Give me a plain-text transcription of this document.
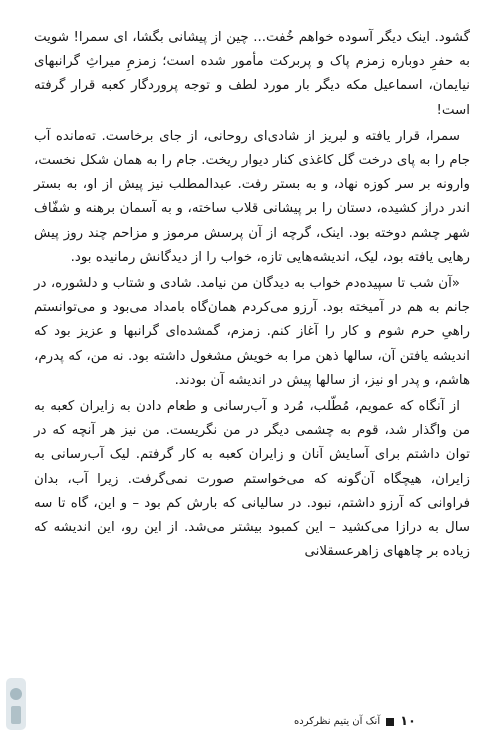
گشود. اینک دیگر آسوده خواهم خُفت... چین از پیشانی بگشا، ای سمرا! شویت به حفرِ دوباره زمزم پاک و پربرکت مأمور شده است؛ زمزمِ میراثِ گرانبهای نیایمان، اسماعیل مکه دیگر بار مورد لطف و توجه پروردگار کعبه قرار گرفته است!

سمرا، قرار یافته و لبریز از شادی‌ای روحانی، از جای برخاست. ته‌مانده آب جام را به پای درخت گل کاغذی کنار دیوار ریخت. جام را به همان شکل نخست، وارونه بر سر کوزه نهاد، و به بستر رفت. عبدالمطلب نیز پیش از او، به بستر اندر دراز کشیده، دستان را بر پیشانی قلاب ساخته، و به آسمان برهنه و شفّاف شهر چشم دوخته بود. اینک، گرچه از آن پرسش مرموز و مزاحم چند روز پیش رهایی یافته بود، لیک، اندیشه‌هایی تازه، خواب را از دیدگانش رمانیده بود.

«آن شب تا سپیده‌دم خواب به دیدگان من نیامد. شادی و شتاب و دلشوره، در جانم به هم در آمیخته بود. آرزو می‌کردم همان‌گاه بامداد می‌بود و می‌توانستم راهیِ حرم شوم و کار را آغاز کنم. زمزم، گمشده‌ای گرانبها و عزیز بود که اندیشه یافتن آن، سالها ذهن مرا به خویش مشغول داشته بود. نه من، که پدرم، هاشم، و پدر او نیز، از سالها پیش در اندیشه آن بودند.

از آنگاه که عمویم، مُطّلب، مُرد و آب‌رسانی و طعام دادن به زایران کعبه به من واگذار شد، قوم به چشمی دیگر در من نگریست. من نیز هر آنچه که در توان داشتم برای آسایش آنان و زایران کعبه به کار گرفتم. لیک آب‌رسانی به زایران، هیچگاه آن‌گونه که می‌خواستم صورت نمی‌گرفت. زیرا آب، بدان فراوانی که آرزو داشتم، نبود. در سالیانی که بارش کم بود – و این، گاه تا سه سال به درازا می‌کشید – این کمبود بیشتر می‌شد. از این رو، این اندیشه که زیاده بر چاههای زاهرعسقلانی

۱۰
آنک آن یتیم نظرکرده
